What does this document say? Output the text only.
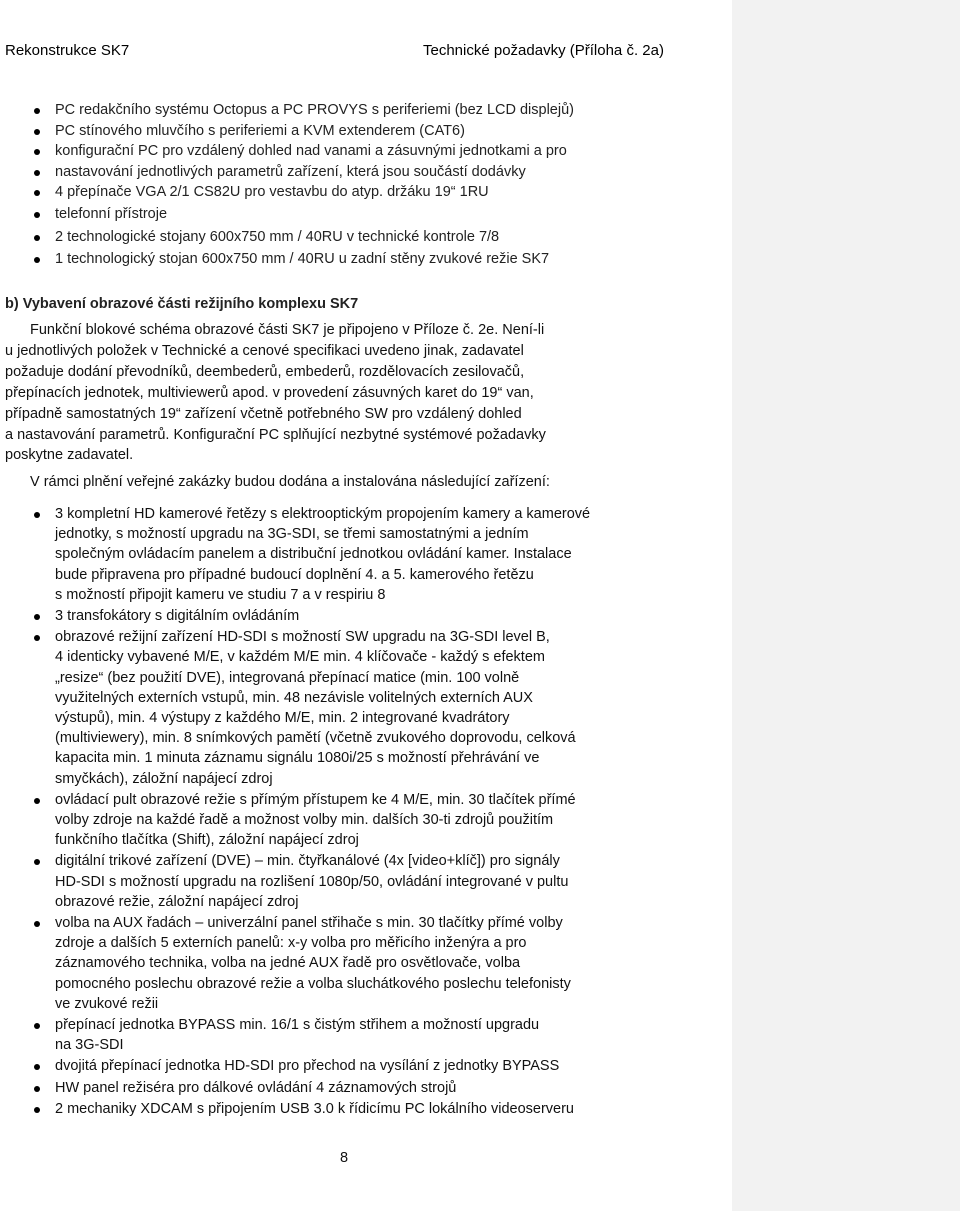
Rekonstrukce SK7	Technické požadavky (Příloha č. 2a)
PC redakčního systému Octopus a PC PROVYS s periferiemi (bez LCD displejů)
PC stínového mluvčího s periferiemi a KVM extenderem (CAT6)
konfigurační PC pro vzdálený dohled nad vanami a zásuvnými jednotkami a pro
nastavování jednotlivých parametrů zařízení, která jsou součástí dodávky
4 přepínače VGA 2/1 CS82U pro vestavbu do atyp. držáku 19“ 1RU
telefonní přístroje
2 technologické stojany 600x750 mm / 40RU v technické kontrole 7/8
1 technologický stojan 600x750 mm / 40RU u zadní stěny zvukové režie SK7
b) Vybavení obrazové části režijního komplexu SK7
Funkční blokové schéma obrazové části SK7 je připojeno v Příloze č. 2e. Není-li
u jednotlivých položek v Technické a cenové specifikaci uvedeno jinak, zadavatel
požaduje dodání převodníků, deembederů, embederů, rozdělovacích zesilovačů,
přepínacích jednotek, multiviewerů apod. v provedení zásuvných karet do 19“ van,
případně samostatných 19“ zařízení včetně potřebného SW pro vzdálený dohled
a nastavování parametrů. Konfigurační PC splňující nezbytné systémové požadavky
poskytne zadavatel.
V rámci plnění veřejné zakázky budou dodána a instalována následující zařízení:
3 kompletní HD kamerové řetězy s elektrooptickým propojením kamery a kamerové
jednotky, s možností upgradu na 3G-SDI, se třemi samostatnými a jedním
společným ovládacím panelem a distribuční jednotkou ovládání kamer. Instalace
bude připravena pro případné budoucí doplnění 4. a 5. kamerového řetězu
s možností připojit kameru ve studiu 7 a v respiriu 8
3 transfokátory s digitálním ovládáním
obrazové režijní zařízení HD-SDI s možností SW upgradu na 3G-SDI level B,
4 identicky vybavené M/E, v každém M/E min. 4 klíčovače - každý s efektem
„resize“ (bez použití DVE), integrovaná přepínací matice (min. 100 volně
využitelných externích vstupů, min. 48 nezávisle volitelných externích AUX
výstupů), min. 4 výstupy z každého M/E, min. 2 integrované kvadrátory
(multiviewery), min. 8 snímkových pamětí (včetně zvukového doprovodu, celková
kapacita min. 1 minuta záznamu signálu 1080i/25 s možností přehrávání ve
smyčkách), záložní napájecí zdroj
ovládací pult obrazové režie s přímým přístupem ke 4 M/E, min. 30 tlačítek přímé
volby zdroje na každé řadě a možnost volby min. dalších 30-ti zdrojů použitím
funkčního tlačítka (Shift), záložní napájecí zdroj
digitální trikové zařízení (DVE) – min. čtyřkanálové (4x [video+klíč]) pro signály
HD-SDI s možností upgradu na rozlišení 1080p/50, ovládání integrované v pultu
obrazové režie, záložní napájecí zdroj
volba na AUX řadách – univerzální panel střihače s min. 30 tlačítky přímé volby
zdroje a dalších 5 externích panelů: x-y volba pro měřicího inženýra a pro
záznamového technika, volba na jedné AUX řadě pro osvětlovače, volba
pomocného poslechu obrazové režie a volba sluchátkového poslechu telefonisty
ve zvukové režii
přepínací jednotka BYPASS min. 16/1 s čistým střihem a možností upgradu
na 3G-SDI
dvojitá přepínací jednotka HD-SDI pro přechod na vysílání z jednotky BYPASS
HW panel režiséra pro dálkové ovládání 4 záznamových strojů
2 mechaniky XDCAM s připojením USB 3.0 k řídicímu PC lokálního videoserveru
8
